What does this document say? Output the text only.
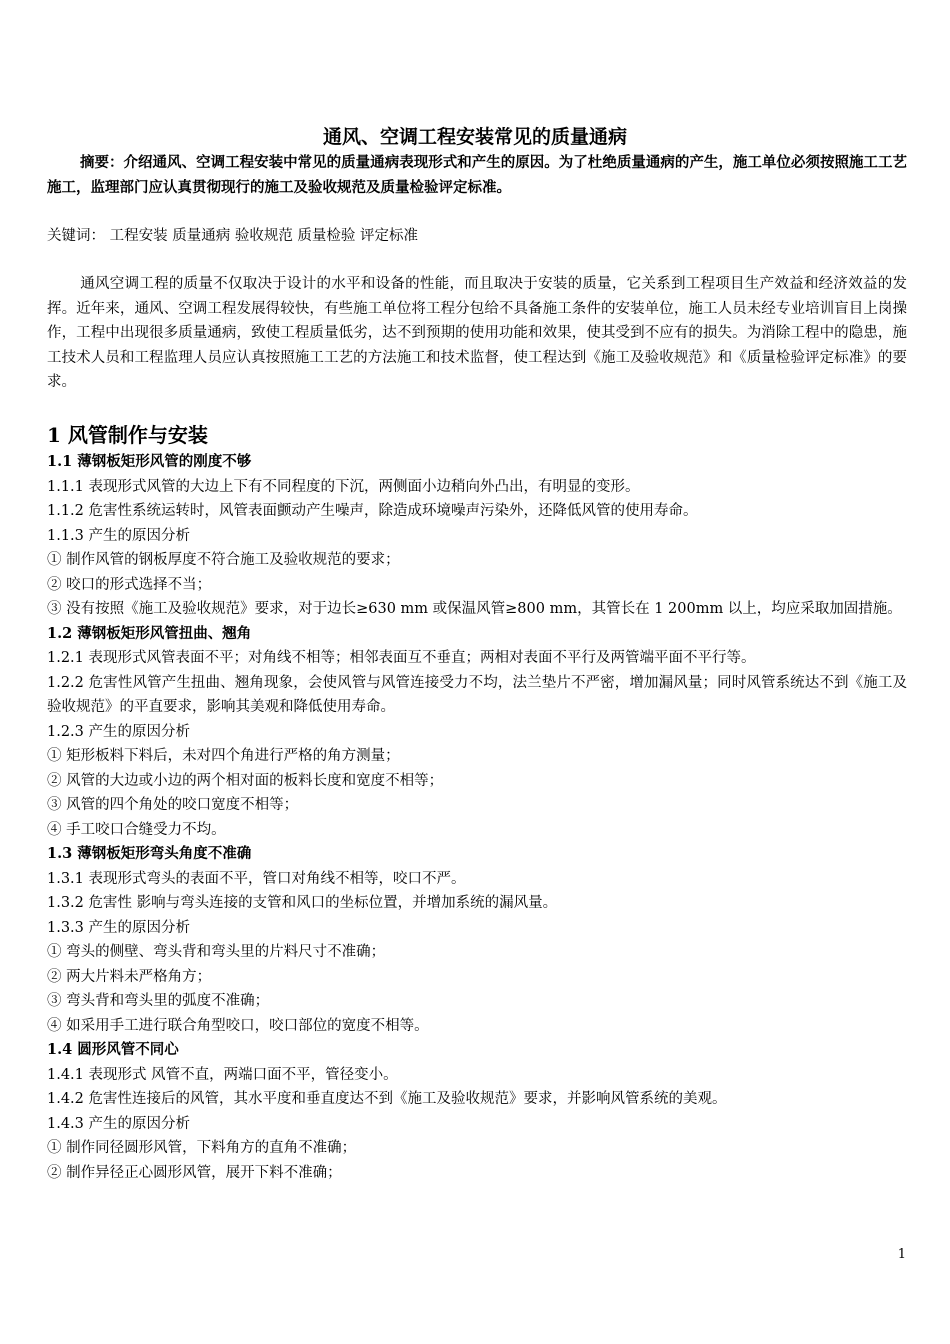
通风、空调工程安装常见的质量通病
摘要：介绍通风、空调工程安装中常见的质量通病表现形式和产生的原因。为了杜绝质量通病的产生，施工单位必须按照施工工艺施工，监理部门应认真贯彻现行的施工及验收规范及质量检验评定标准。
关键词： 工程安装 质量通病 验收规范 质量检验 评定标准
通风空调工程的质量不仅取决于设计的水平和设备的性能，而且取决于安装的质量，它关系到工程项目生产效益和经济效益的发挥。近年来，通风、空调工程发展得较快，有些施工单位将工程分包给不具备施工条件的安装单位，施工人员未经专业培训盲目上岗操作，工程中出现很多质量通病，致使工程质量低劣，达不到预期的使用功能和效果，使其受到不应有的损失。为消除工程中的隐患，施工技术人员和工程监理人员应认真按照施工工艺的方法施工和技术监督，使工程达到《施工及验收规范》和《质量检验评定标准》的要求。
1 风管制作与安装
1.1 薄钢板矩形风管的刚度不够
1.1.1 表现形式风管的大边上下有不同程度的下沉，两侧面小边稍向外凸出，有明显的变形。
1.1.2 危害性系统运转时，风管表面颤动产生噪声，除造成环境噪声污染外，还降低风管的使用寿命。
1.1.3 产生的原因分析
① 制作风管的钢板厚度不符合施工及验收规范的要求；
② 咬口的形式选择不当；
③ 没有按照《施工及验收规范》要求，对于边长≥630 mm 或保温风管≥800 mm，其管长在 1 200mm 以上，均应采取加固措施。
1.2 薄钢板矩形风管扭曲、翘角
1.2.1 表现形式风管表面不平；对角线不相等；相邻表面互不垂直；两相对表面不平行及两管端平面不平行等。
1.2.2 危害性风管产生扭曲、翘角现象，会使风管与风管连接受力不均，法兰垫片不严密，增加漏风量；同时风管系统达不到《施工及验收规范》的平直要求，影响其美观和降低使用寿命。
1.2.3 产生的原因分析
① 矩形板料下料后，未对四个角进行严格的角方测量；
② 风管的大边或小边的两个相对面的板料长度和宽度不相等；
③ 风管的四个角处的咬口宽度不相等；
④ 手工咬口合缝受力不均。
1.3 薄钢板矩形弯头角度不准确
1.3.1 表现形式弯头的表面不平，管口对角线不相等，咬口不严。
1.3.2 危害性 影响与弯头连接的支管和风口的坐标位置，并增加系统的漏风量。
1.3.3 产生的原因分析
① 弯头的侧壁、弯头背和弯头里的片料尺寸不准确；
② 两大片料未严格角方；
③ 弯头背和弯头里的弧度不准确；
④ 如采用手工进行联合角型咬口，咬口部位的宽度不相等。
1.4 圆形风管不同心
1.4.1 表现形式 风管不直，两端口面不平，管径变小。
1.4.2 危害性连接后的风管，其水平度和垂直度达不到《施工及验收规范》要求，并影响风管系统的美观。
1.4.3 产生的原因分析
① 制作同径圆形风管，下料角方的直角不准确；
② 制作异径正心圆形风管，展开下料不准确；
1
